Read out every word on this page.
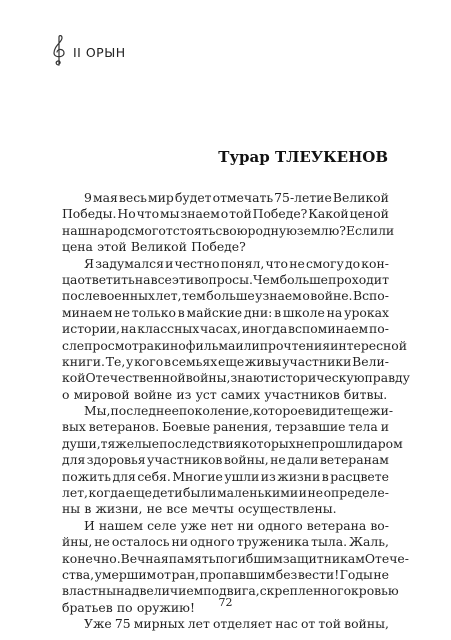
II ОРЫН
Турар ТЛЕУКЕНОВ
9 мая весь мир будет отмечать 75-летие Великой
Победы. Но что мы знаем о той Победе? Какой ценой
наш народ смог отстоять свою родную землю? Если ли
цена этой Великой Победе?
Я задумался и честно понял, что не смогу до кон-
ца ответить на все эти вопросы. Чем больше проходит
послевоенных лет, тем больше узнаем о войне. Вспо-
минаем не только в майские дни: в школе на уроках
истории, на классных часах, иногда вспоминаем по-
сле просмотра кинофильма или прочтения интересной
книги. Те, у кого в семьях еще живы участники Вели-
кой Отечественной войны, знают историческую правду
о мировой войне из уст самих участников битвы.
Мы, последнее поколение, которое видит еще жи-
вых ветеранов. Боевые ранения, терзавшие тела и
души, тяжелые последствия которых не прошли даром
для здоровья участников войны, не дали ветеранам
пожить для себя. Многие ушли из жизни в расцвете
лет, когда еще дети были маленькими и не определе-
ны в жизни, не все мечты осуществлены.
И нашем селе уже нет ни одного ветерана во-
йны, не осталось ни одного труженика тыла. Жаль,
конечно. Вечная память погибшим защитникам Отече-
ства, умершим от ран, пропавшим без вести! Годы не
властны над величием подвига, скрепленного кровью
братьев по оружию!
Уже 75 мирных лет отделяет нас от той войны,
72
